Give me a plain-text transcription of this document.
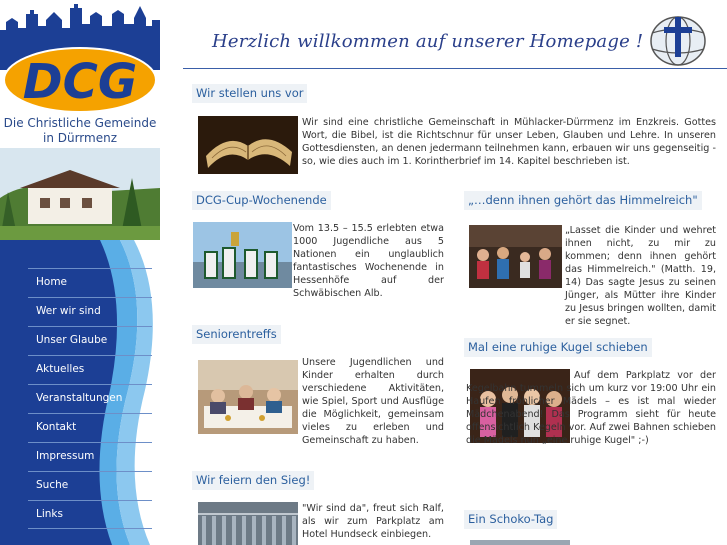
DCG
Die Christliche Gemeinde
in Dürrmenz
Home
Wer wir sind
Unser Glaube
Aktuelles
Veranstaltungen
Kontakt
Impressum
Suche
Links
Herzlich willkommen auf unserer Homepage !
Wir stellen uns vor
Wir sind eine christliche Gemeinschaft in Mühlacker-Dürrmenz im Enzkreis. Gottes Wort, die Bibel, ist die Richtschnur für unser Leben, Glauben und Lehre. In unseren Gottesdiensten, an denen jedermann teilnehmen kann, erbauen wir uns gegenseitig - so, wie dies auch im 1. Korintherbrief im 14. Kapitel beschrieben ist.
DCG-Cup-Wochenende
Vom 13.5 – 15.5 erlebten etwa 1000 Jugendliche aus 5 Nationen ein unglaublich fantastisches Wochenende in Hessenhöfe auf der Schwäbischen Alb.
„…denn ihnen gehört das Himmelreich"
„Lasset die Kinder und wehret ihnen nicht, zu mir zu kommen; denn ihnen gehört das Himmelreich." (Matth. 19, 14) Das sagte Jesus zu seinen Jünger, als Mütter ihre Kinder zu Jesus bringen wollten, damit er sie segnet.
Seniorentreffs
Unsere Jugendlichen und Kinder erhalten durch verschiedene Aktivitäten, wie Spiel, Sport und Ausflüge die Möglichkeit, gemeinsam vieles zu erleben und Gemeinschaft zu haben.
Mal eine ruhige Kugel schieben
Auf dem Parkplatz vor der Kegelbahn tummeln sich um kurz vor 19:00 Uhr ein Haufen fröhlicher Mädels – es ist mal wieder Mädchenabend! Das Programm sieht für heute offensichtlich Kegeln vor. Auf zwei Bahnen schieben die Mädels nun „eine ruhige Kugel" ;-)
Wir feiern den Sieg!
"Wir sind da", freut sich Ralf, als wir zum Parkplatz am Hotel Hundseck einbiegen.
Ein Schoko-Tag
